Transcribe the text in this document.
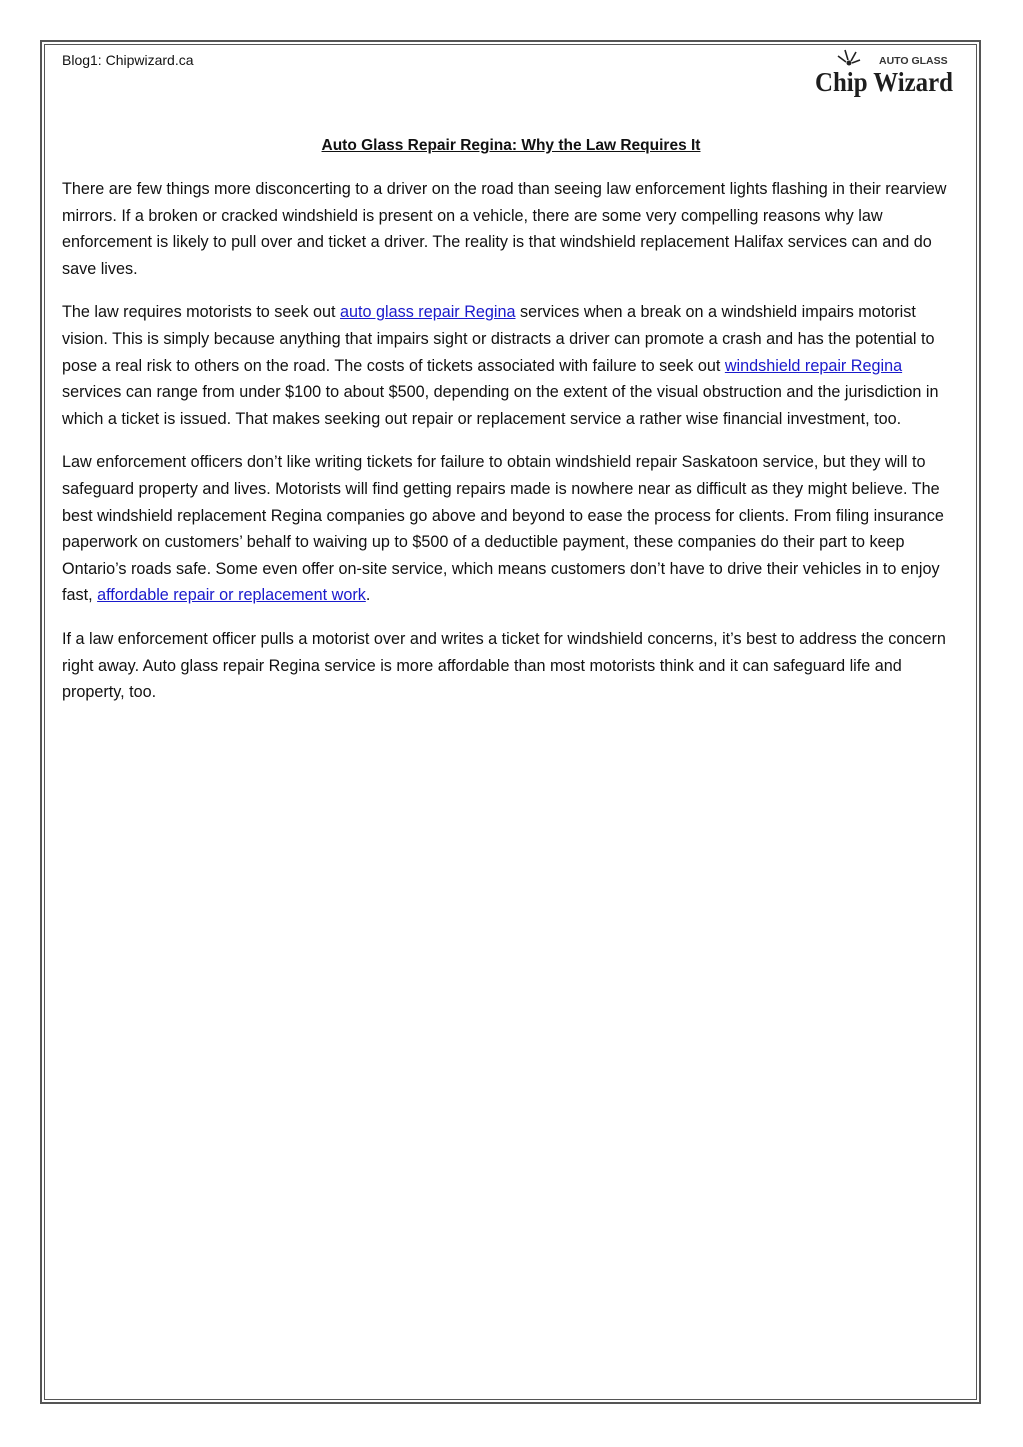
Blog1: Chipwizard.ca	AUTO GLASS
Chip Wizard
Auto Glass Repair Regina: Why the Law Requires It

There are few things more disconcerting to a driver on the road than seeing law enforcement lights flashing in their rearview mirrors. If a broken or cracked windshield is present on a vehicle, there are some very compelling reasons why law enforcement is likely to pull over and ticket a driver. The reality is that windshield replacement Halifax services can and do save lives.

The law requires motorists to seek out auto glass repair Regina services when a break on a windshield impairs motorist vision. This is simply because anything that impairs sight or distracts a driver can promote a crash and has the potential to pose a real risk to others on the road. The costs of tickets associated with failure to seek out windshield repair Regina services can range from under $100 to about $500, depending on the extent of the visual obstruction and the jurisdiction in which a ticket is issued. That makes seeking out repair or replacement service a rather wise financial investment, too.

Law enforcement officers don’t like writing tickets for failure to obtain windshield repair Saskatoon service, but they will to safeguard property and lives. Motorists will find getting repairs made is nowhere near as difficult as they might believe. The best windshield replacement Regina companies go above and beyond to ease the process for clients. From filing insurance paperwork on customers’ behalf to waiving up to $500 of a deductible payment, these companies do their part to keep Ontario’s roads safe. Some even offer on-site service, which means customers don’t have to drive their vehicles in to enjoy fast, affordable repair or replacement work.

If a law enforcement officer pulls a motorist over and writes a ticket for windshield concerns, it’s best to address the concern right away. Auto glass repair Regina service is more affordable than most motorists think and it can safeguard life and property, too.
